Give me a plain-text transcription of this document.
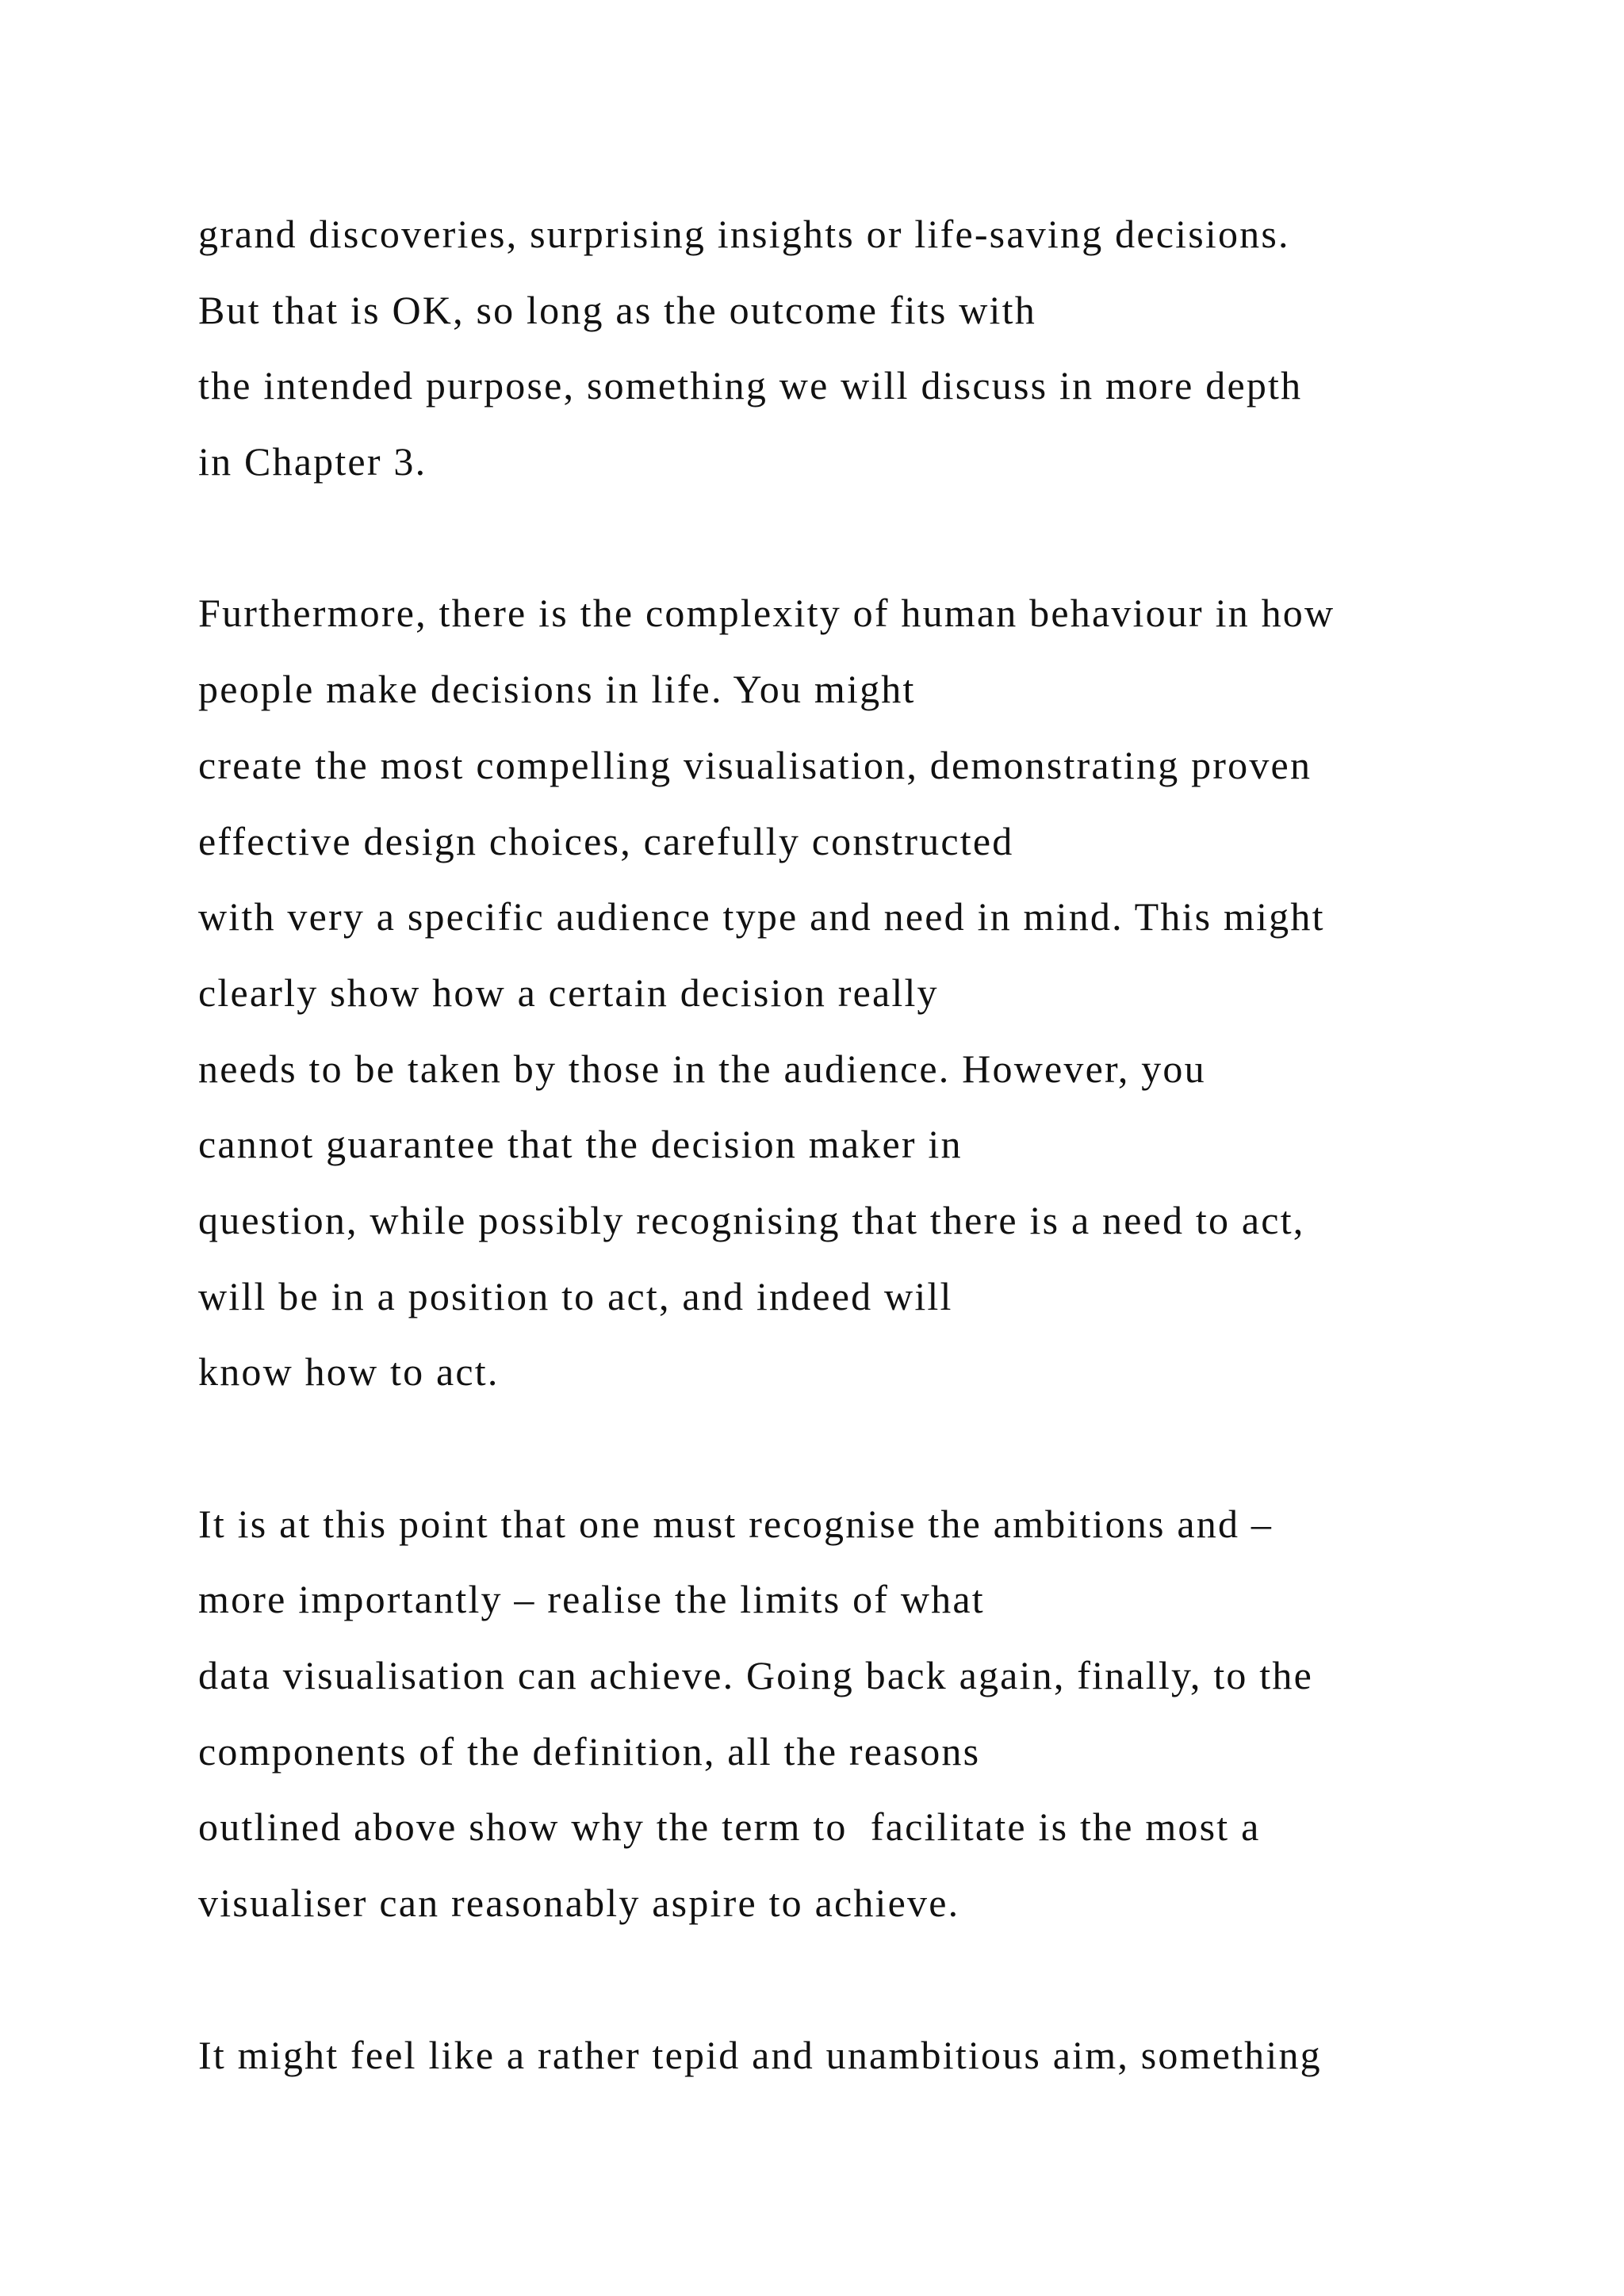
grand discoveries, surprising insights or life-saving decisions.
But that is OK, so long as the outcome fits with
the intended purpose, something we will discuss in more depth
in Chapter 3.
Furthermore, there is the complexity of human behaviour in how
people make decisions in life. You might
create the most compelling visualisation, demonstrating proven
effective design choices, carefully constructed
with very a specific audience type and need in mind. This might
clearly show how a certain decision really
needs to be taken by those in the audience. However, you
cannot guarantee that the decision maker in
question, while possibly recognising that there is a need to act,
will be in a position to act, and indeed will
know how to act.
It is at this point that one must recognise the ambitions and –
more importantly – realise the limits of what
data visualisation can achieve. Going back again, finally, to the
components of the definition, all the reasons
outlined above show why the term to  facilitate is the most a
visualiser can reasonably aspire to achieve.
It might feel like a rather tepid and unambitious aim, something
